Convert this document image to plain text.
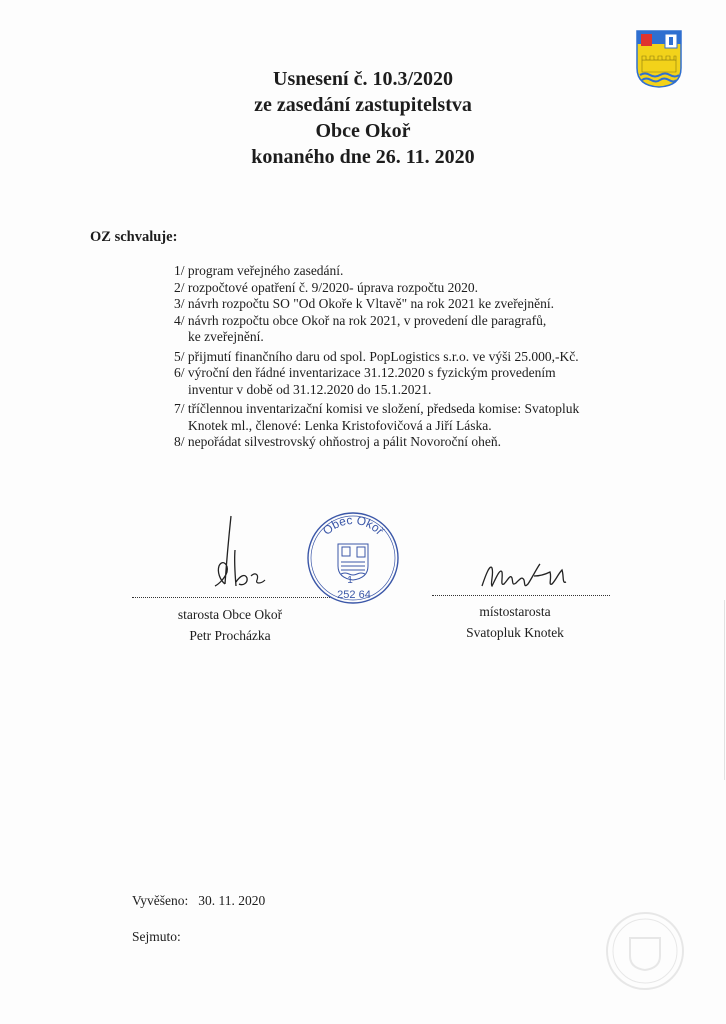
Usnesení č. 10.3/2020
ze zasedání zastupitelstva
Obce Okoř
konaného dne 26. 11. 2020
OZ schvaluje:
1/ program veřejného zasedání.
2/ rozpočtové opatření č. 9/2020- úprava rozpočtu 2020.
3/ návrh rozpočtu SO "Od Okoře k Vltavě" na rok 2021 ke zveřejnění.
4/ návrh rozpočtu obce Okoř na rok 2021, v provedení dle paragrafů,
ke zveřejnění.
5/ přijmutí finančního daru od spol. PopLogistics s.r.o. ve výši 25.000,-Kč.
6/ výroční den řádné inventarizace 31.12.2020 s fyzickým provedením
inventur v době od 31.12.2020 do 15.1.2021.
7/ tříčlennou inventarizační komisi ve složení, předseda komise: Svatopluk
Knotek ml., členové: Lenka Kristofovičová a Jiří Láska.
8/ nepořádat silvestrovský ohňostroj a pálit Novoroční oheň.
starosta Obce Okoř
Petr Procházka
Obec Okoř
1
252 64
místostarosta
Svatopluk Knotek
Vyvěšeno: 30. 11. 2020
Sejmuto:
